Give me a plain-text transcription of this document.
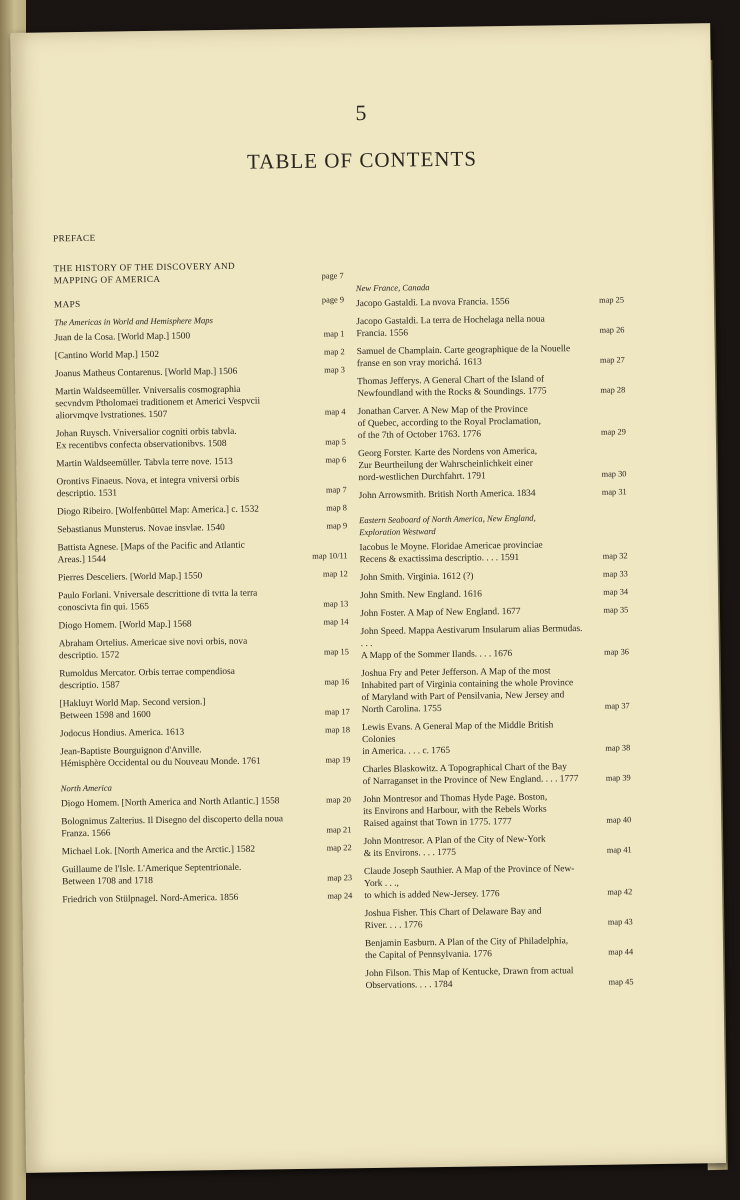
5
TABLE OF CONTENTS
PREFACE
THE HISTORY OF THE DISCOVERY AND
MAPPING OF AMERICA	page 7
MAPS	page 9
The Americas in World and Hemisphere Maps
Juan de la Cosa. [World Map.] 1500	map 1
[Cantino World Map.] 1502	map 2
Joanus Matheus Contarenus. [World Map.] 1506	map 3
Martin Waldseemüller. Vniversalis cosmographia
secvndvm Ptholomaei traditionem et Americi Vespvcii
aliorvmqve lvstrationes. 1507	map 4
Johan Ruysch. Vniversalior cogniti orbis tabvla.
Ex recentibvs confecta observationibvs. 1508	map 5
Martin Waldseemüller. Tabvla terre nove. 1513	map 6
Orontivs Finaeus. Nova, et integra vniversi orbis
descriptio. 1531	map 7
Diogo Ribeiro. [Wolfenbüttel Map: America.] c. 1532	map 8
Sebastianus Munsterus. Novae insvlae. 1540	map 9
Battista Agnese. [Maps of the Pacific and Atlantic
Areas.] 1544	map 10/11
Pierres Desceliers. [World Map.] 1550	map 12
Paulo Forlani. Vniversale descrittione di tvtta la terra
conoscivta fin qui. 1565	map 13
Diogo Homem. [World Map.] 1568	map 14
Abraham Ortelius. Americae sive novi orbis, nova
descriptio. 1572	map 15
Rumoldus Mercator. Orbis terrae compendiosa
descriptio. 1587	map 16
[Hakluyt World Map. Second version.]
Between 1598 and 1600	map 17
Jodocus Hondius. America. 1613	map 18
Jean-Baptiste Bourguignon d'Anville.
Hémisphère Occidental ou du Nouveau Monde. 1761	map 19
North America
Diogo Homem. [North America and North Atlantic.] 1558	map 20
Bolognimus Zalterius. Il Disegno del discoperto della noua
Franza. 1566	map 21
Michael Lok. [North America and the Arctic.] 1582	map 22
Guillaume de l'Isle. L'Amerique Septentrionale.
Between 1708 and 1718	map 23
Friedrich von Stülpnagel. Nord-America. 1856	map 24
New France, Canada
Jacopo Gastaldi. La nvova Francia. 1556	map 25
Jacopo Gastaldi. La terra de Hochelaga nella noua
Francia. 1556	map 26
Samuel de Champlain. Carte geographique de la Nouelle
franse en son vray morichá. 1613	map 27
Thomas Jefferys. A General Chart of the Island of
Newfoundland with the Rocks & Soundings. 1775	map 28
Jonathan Carver. A New Map of the Province
of Quebec, according to the Royal Proclamation,
of the 7th of October 1763. 1776	map 29
Georg Forster. Karte des Nordens von America,
Zur Beurtheilung der Wahrscheinlichkeit einer
nord-westlichen Durchfahrt. 1791	map 30
John Arrowsmith. British North America. 1834	map 31
Eastern Seaboard of North America, New England,
Exploration Westward
Iacobus le Moyne. Floridae Americae provinciae
Recens & exactissima descriptio. . . . 1591	map 32
John Smith. Virginia. 1612 (?)	map 33
John Smith. New England. 1616	map 34
John Foster. A Map of New England. 1677	map 35
John Speed. Mappa Aestivarum Insularum alias Bermudas. . . .
A Mapp of the Sommer Ilands. . . . 1676	map 36
Joshua Fry and Peter Jefferson. A Map of the most
Inhabited part of Virginia containing the whole Province
of Maryland with Part of Pensilvania, New Jersey and
North Carolina. 1755	map 37
Lewis Evans. A General Map of the Middle British Colonies
in America. . . . c. 1765	map 38
Charles Blaskowitz. A Topographical Chart of the Bay
of Narraganset in the Province of New England. . . . 1777	map 39
John Montresor and Thomas Hyde Page. Boston,
its Environs and Harbour, with the Rebels Works
Raised against that Town in 1775. 1777	map 40
John Montresor. A Plan of the City of New-York
& its Environs. . . . 1775	map 41
Claude Joseph Sauthier. A Map of the Province of New-York . . .,
to which is added New-Jersey. 1776	map 42
Joshua Fisher. This Chart of Delaware Bay and
River. . . . 1776	map 43
Benjamin Easburn. A Plan of the City of Philadelphia,
the Capital of Pennsylvania. 1776	map 44
John Filson. This Map of Kentucke, Drawn from actual
Observations. . . . 1784	map 45
